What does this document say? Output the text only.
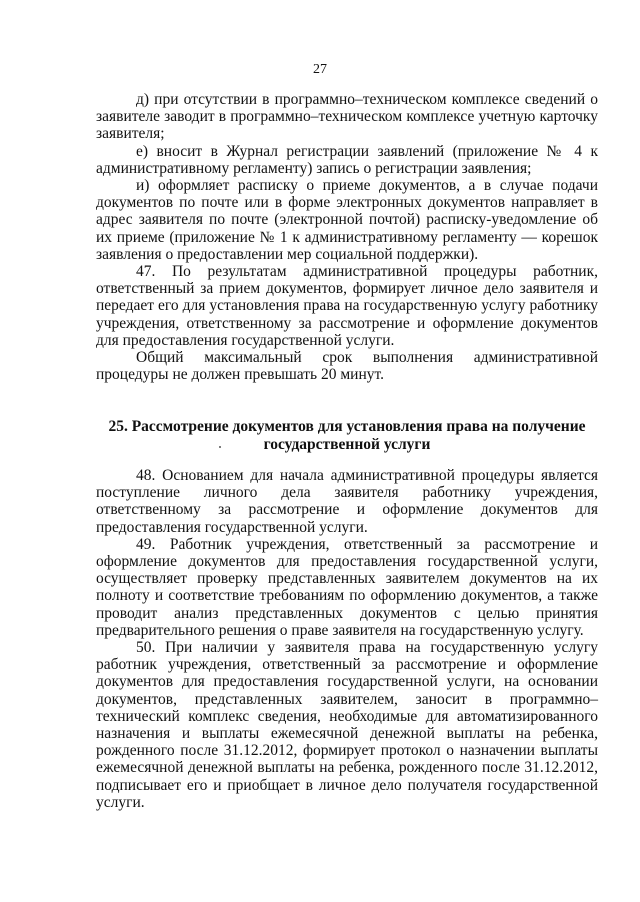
27

д) при отсутствии в программно–техническом комплексе сведений о заявителе заводит в программно–техническом комплексе учетную карточку заявителя;

е) вносит в Журнал регистрации заявлений (приложение № 4 к административному регламенту) запись о регистрации заявления;

и) оформляет расписку о приеме документов, а в случае подачи документов по почте или в форме электронных документов направляет в адрес заявителя по почте (электронной почтой) расписку-уведомление об их приеме (приложение № 1 к административному регламенту — корешок заявления о предоставлении мер социальной поддержки).

47. По результатам административной процедуры работник, ответственный за прием документов, формирует личное дело заявителя и передает его для установления права на государственную услугу работнику учреждения, ответственному за рассмотрение и оформление документов для предоставления государственной услуги.

Общий максимальный срок выполнения административной процедуры не должен превышать 20 минут.

25. Рассмотрение документов для установления права на получение государственной услуги

48. Основанием для начала административной процедуры является поступление личного дела заявителя работнику учреждения, ответственному за рассмотрение и оформление документов для предоставления государственной услуги.

49. Работник учреждения, ответственный за рассмотрение и оформление документов для предоставления государственной услуги, осуществляет проверку представленных заявителем документов на их полноту и соответствие требованиям по оформлению документов, а также проводит анализ представленных документов с целью принятия предварительного решения о праве заявителя на государственную услугу.

50. При наличии у заявителя права на государственную услугу работник учреждения, ответственный за рассмотрение и оформление документов для предоставления государственной услуги, на основании документов, представленных заявителем, заносит в программно–технический комплекс сведения, необходимые для автоматизированного назначения и выплаты ежемесячной денежной выплаты на ребенка, рожденного после 31.12.2012, формирует протокол о назначении выплаты ежемесячной денежной выплаты на ребенка, рожденного после 31.12.2012, подписывает его и приобщает в личное дело получателя государственной услуги.
